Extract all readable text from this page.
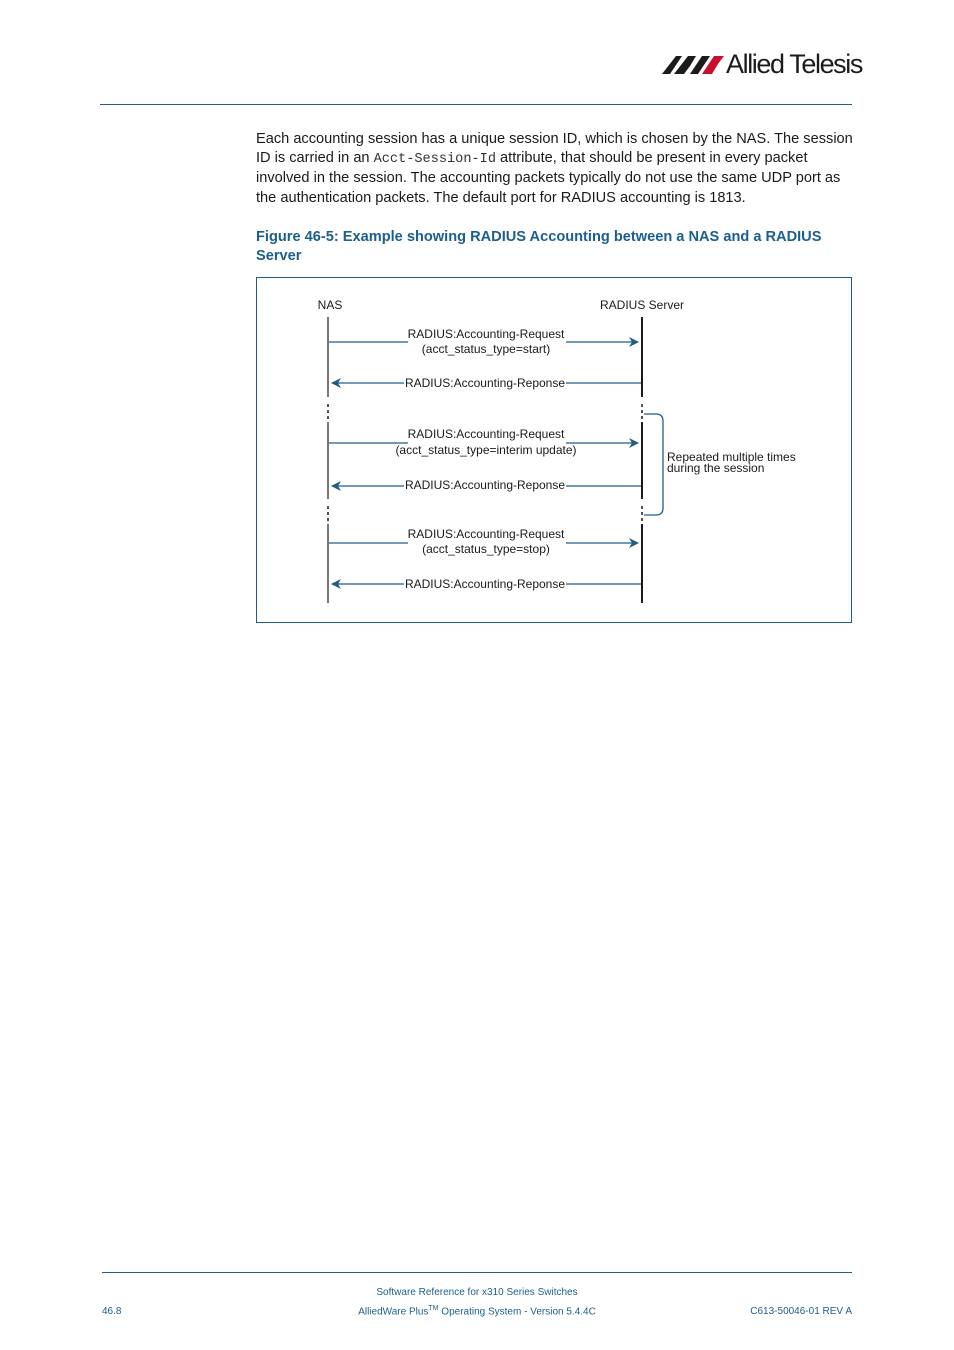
Allied Telesis
Each accounting session has a unique session ID, which is chosen by the NAS. The session ID is carried in an Acct-Session-Id attribute, that should be present in every packet involved in the session. The accounting packets typically do not use the same UDP port as the authentication packets. The default port for RADIUS accounting is 1813.
Figure 46-5: Example showing RADIUS Accounting between a NAS and a RADIUS Server
NAS	RADIUS Server
RADIUS:Accounting-Request
(acct_status_type=start)
RADIUS:Accounting-Reponse
RADIUS:Accounting-Request
(acct_status_type=interim update)
RADIUS:Accounting-Reponse
RADIUS:Accounting-Request
(acct_status_type=stop)
RADIUS:Accounting-Reponse
Repeated multiple times
during the session
Software Reference for x310 Series Switches
AlliedWare Plus™ Operating System - Version 5.4.4C
46.8	C613-50046-01 REV A
